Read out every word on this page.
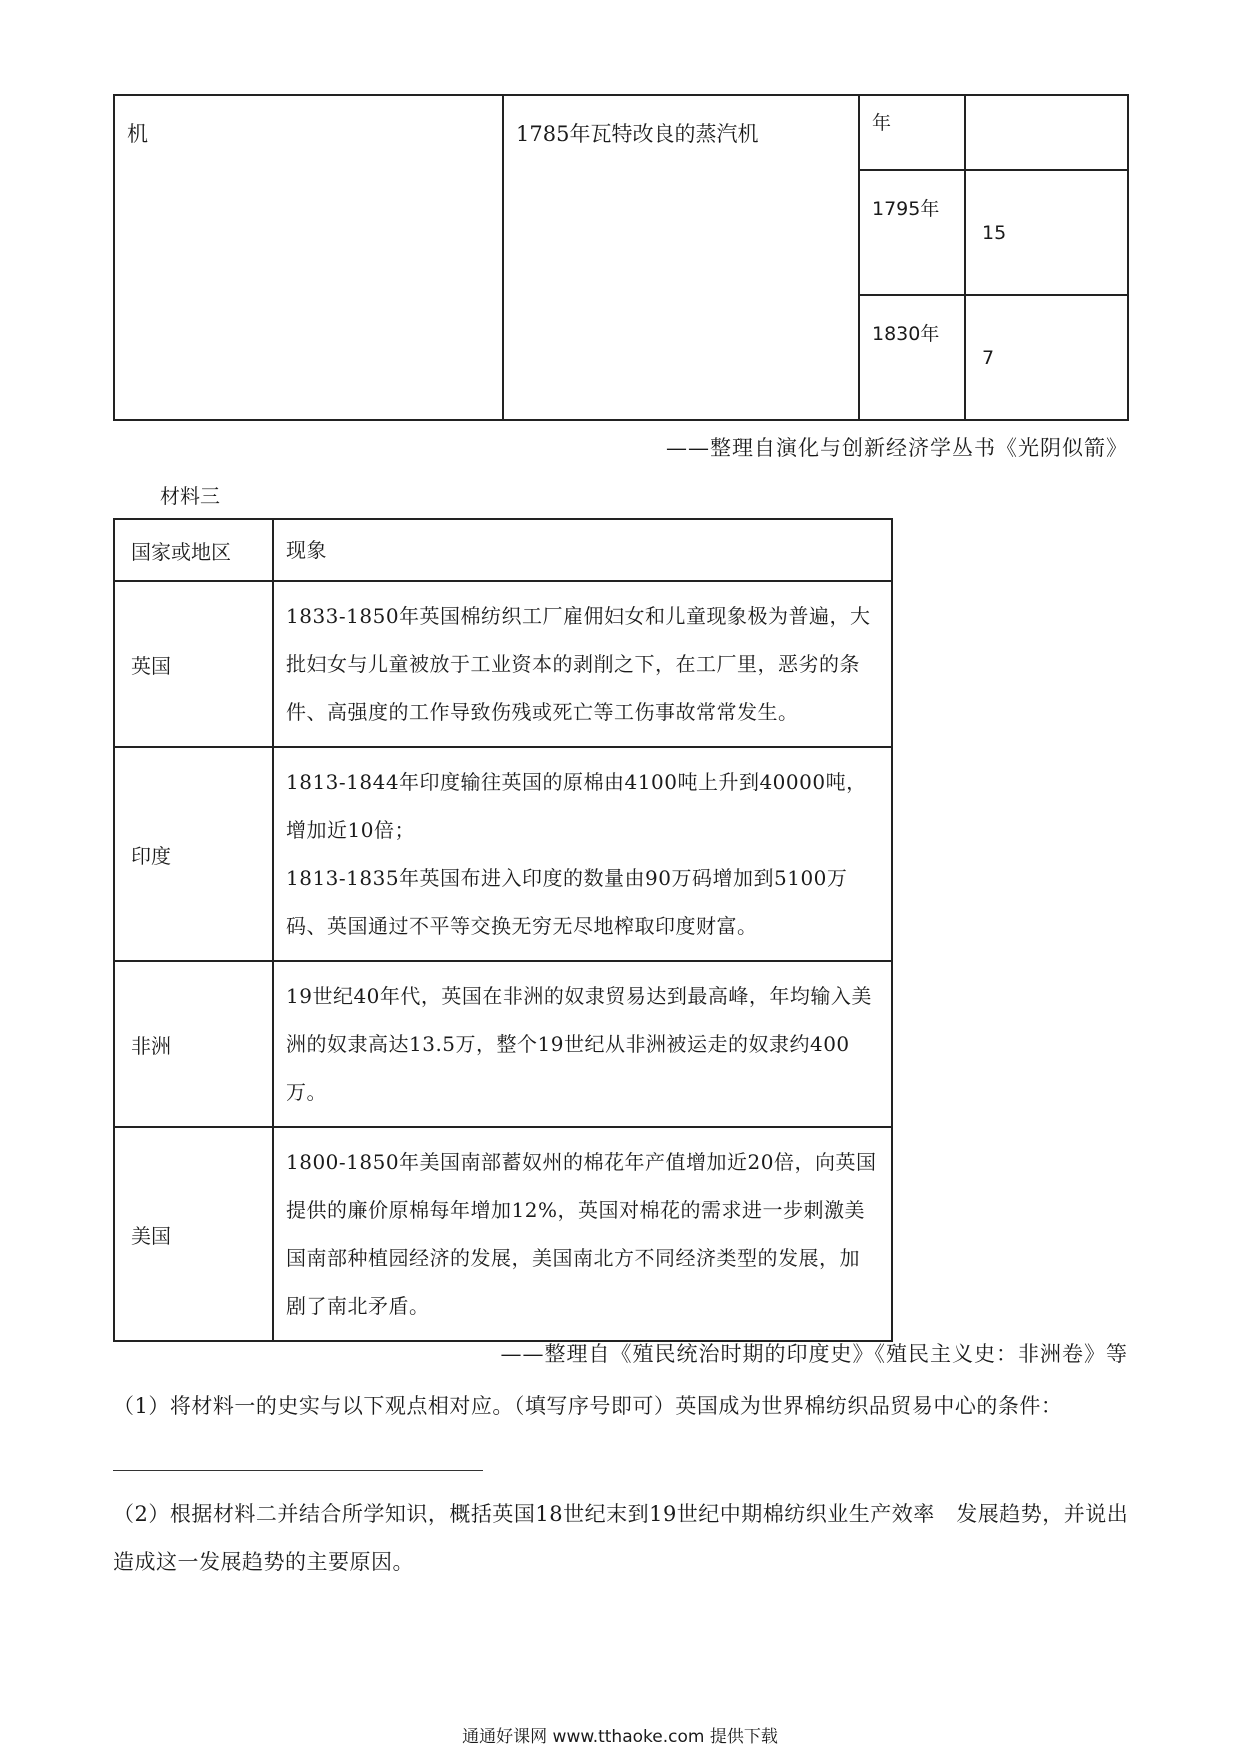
机	1785年瓦特改良的蒸汽机	年	

		1795年	15
		1830年	7
——整理自演化与创新经济学丛书《光阴似箭》
材料三
国家或地区	现象
英国	1833-1850年英国棉纺织工厂雇佣妇女和儿童现象极为普遍，大批妇女与儿童被放于工业资本的剥削之下，在工厂里，恶劣的条件、高强度的工作导致伤残或死亡等工伤事故常常发生。
印度	1813-1844年印度输往英国的原棉由4100吨上升到40000吨，增加近10倍；
1813-1835年英国布进入印度的数量由90万码增加到5100万码、英国通过不平等交换无穷无尽地榨取印度财富。

非洲	19世纪40年代，英国在非洲的奴隶贸易达到最高峰，年均输入美洲的奴隶高达13.5万，整个19世纪从非洲被运走的奴隶约400万。
美国	1800-1850年美国南部蓄奴州的棉花年产值增加近20倍，向英国提供的廉价原棉每年增加12%，英国对棉花的需求进一步刺激美国南部种植园经济的发展，美国南北方不同经济类型的发展，加剧了南北矛盾。
——整理自《殖民统治时期的印度史》《殖民主义史：非洲卷》等
（1）将材料一的史实与以下观点相对应。（填写序号即可）英国成为世界棉纺织品贸易中心的条件：
（2）根据材料二并结合所学知识，概括英国18世纪末到19世纪中期棉纺织业生产效率　发展趋势，并说出造成这一发展趋势的主要原因。
通通好课网 www.tthaoke.com 提供下载
